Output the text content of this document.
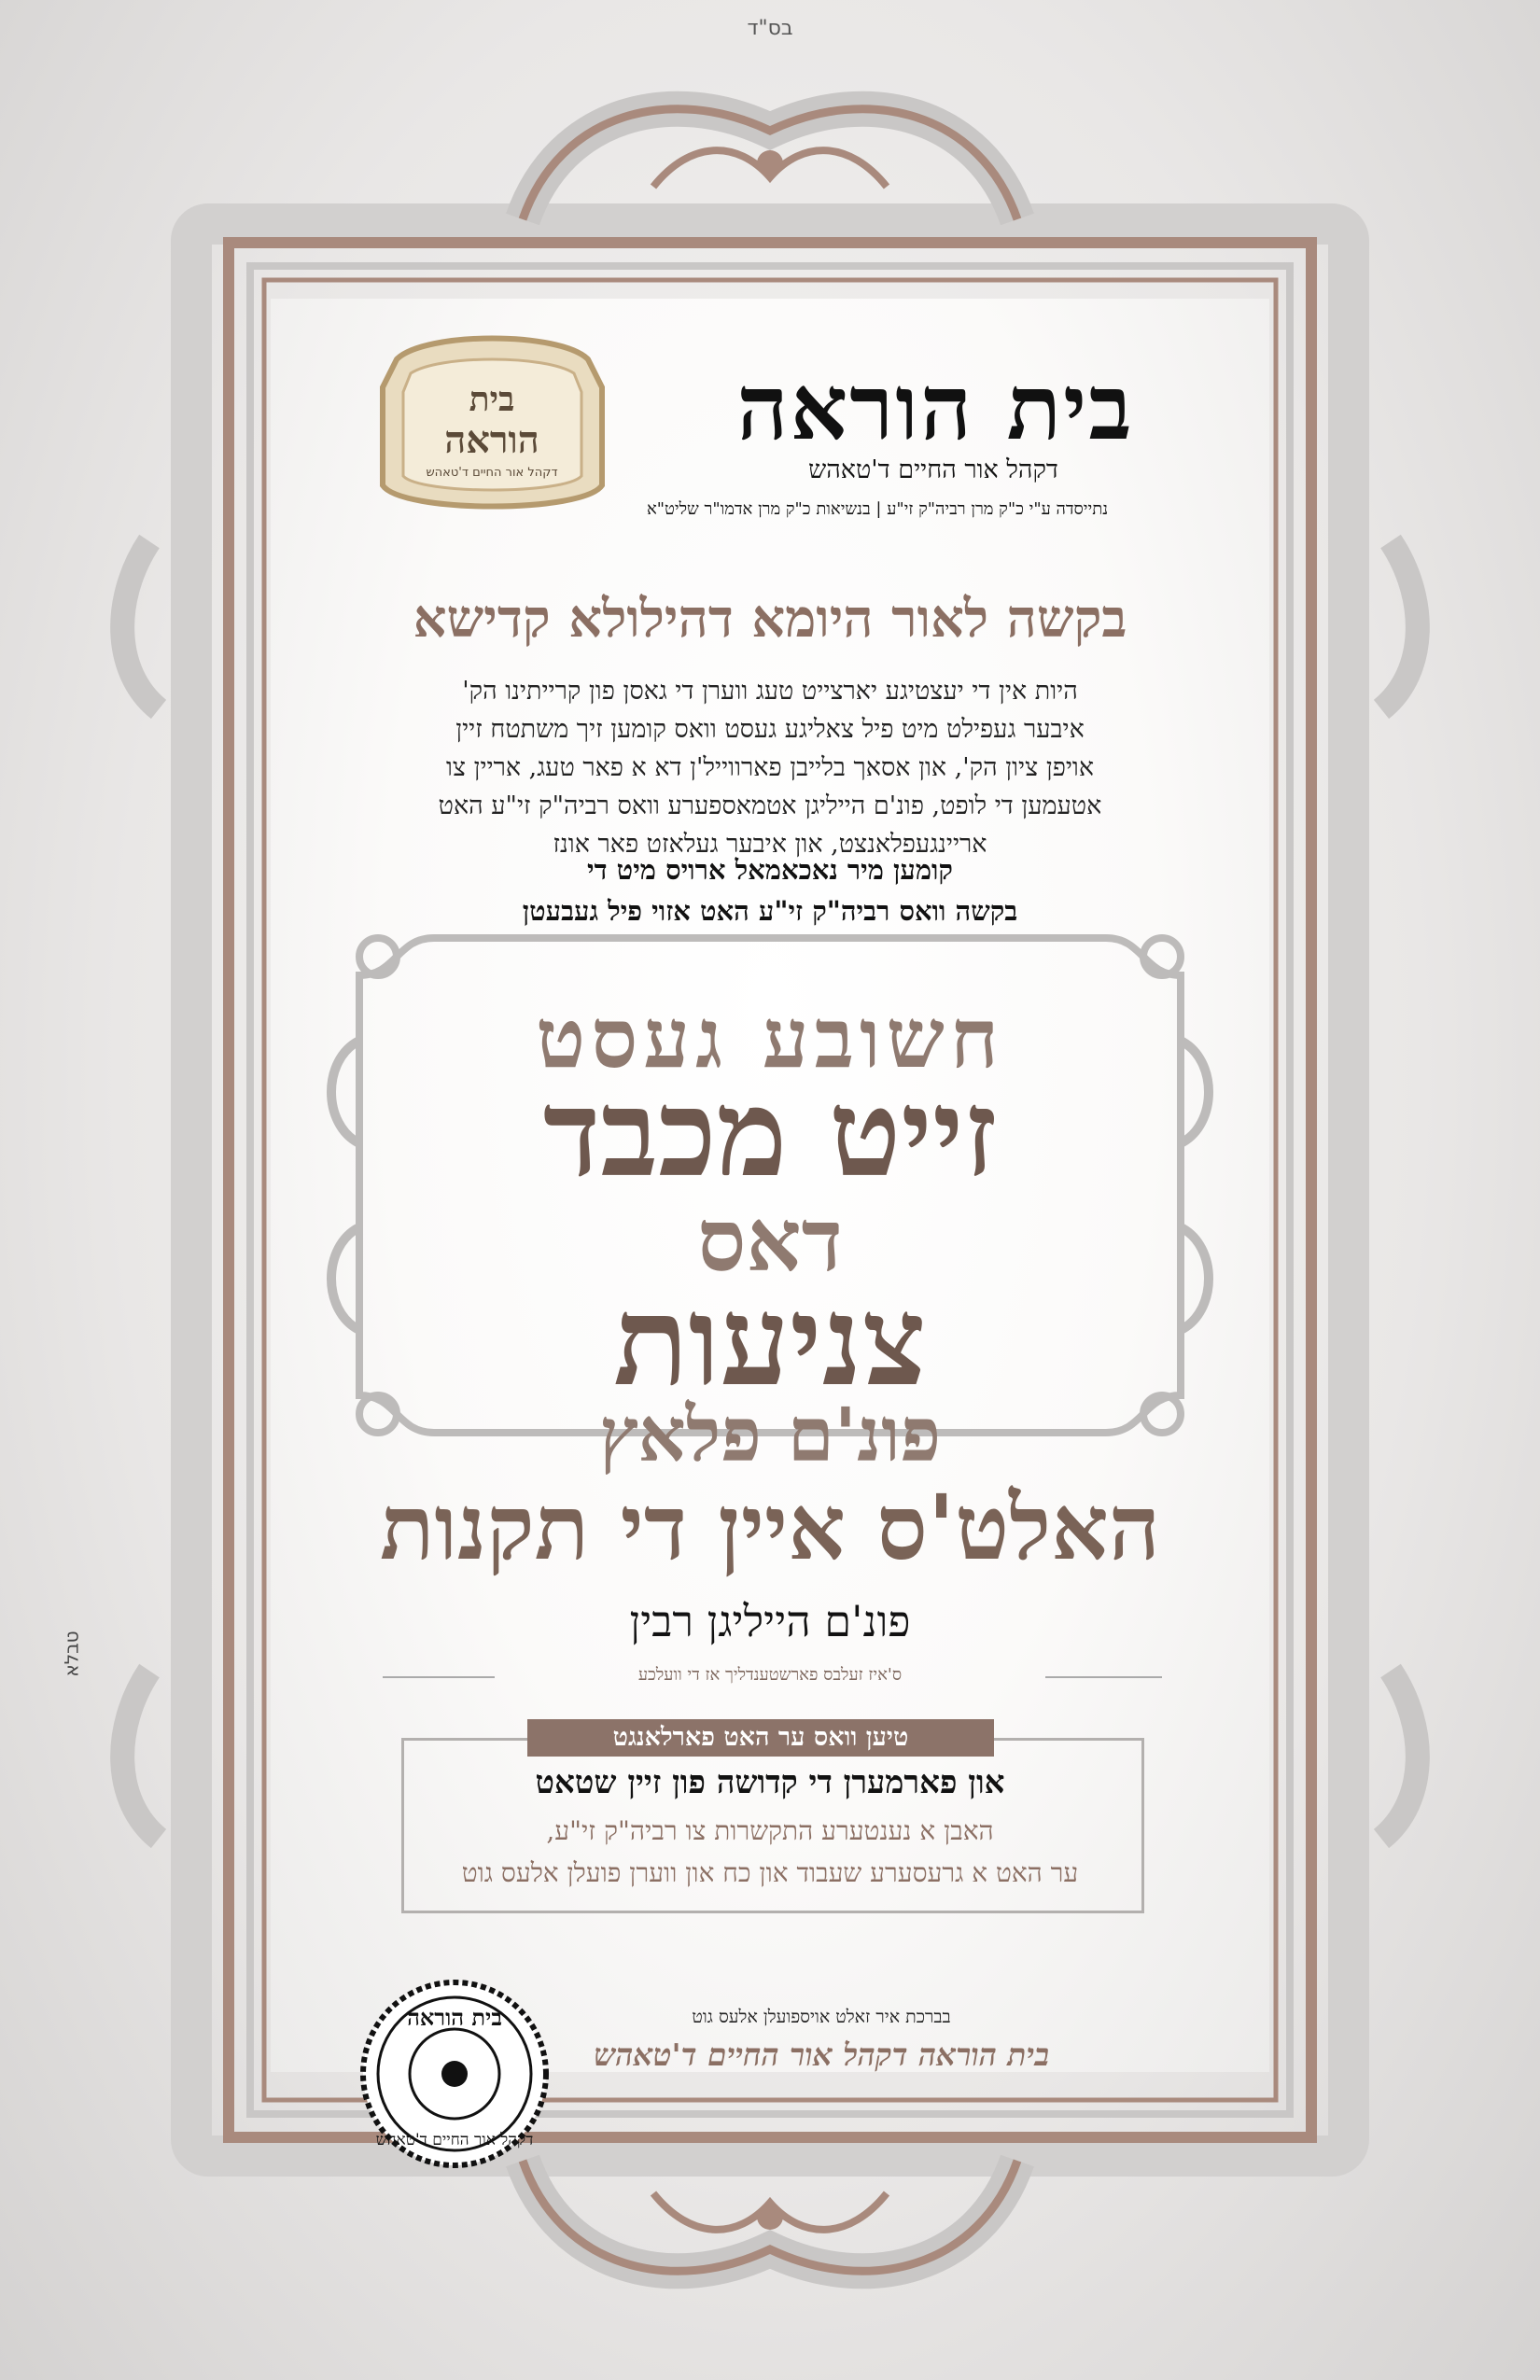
בס"ד
טבלא
בית
הוראה
דקהל אור החיים ד'טאהש
בית הוראה
דקהל אור החיים ד'טאהש
נתייסדה ע"י כ"ק מרן רביה"ק זי"ע | בנשיאות כ"ק מרן אדמו"ר שליט"א
בקשה לאור היומא דהילולא קדישא
היות אין די יעצטיגע יארצייט טעג ווערן די גאסן פון קרייתינו הק'
איבער געפילט מיט פיל צאליגע געסט וואס קומען זיך משתטח זיין
אויפן ציון הק', און אסאך בלייבן פארווייל'ן דא א פאר טעג, אריין צו
אטעמען די לופט, פונ'ם הייליגן אטמאספערע וואס רביה"ק זי"ע האט
אריינגעפלאנצט, און איבער געלאזט פאר אונז
קומען מיר נאכאמאל ארויס מיט די
בקשה וואס רביה"ק זי"ע האט אזוי פיל געבעטן
חשובע געסט
זייט מכבד
דאס
צניעות
פונ'ם פלאץ
האלט'ס איין די תקנות
פונ'ם הייליגן רבין
ס'איז זעלבס פארשטענדליך אז די וועלכע
טיען וואס ער האט פארלאנגט
און פארמערן די קדושה פון זיין שטאט
האבן א נענטערע התקשרות צו רביה"ק זי"ע,
ער האט א גרעסערע שעבוד און כח און ווערן פועלן אלעס גוט
בית הוראה
דקהל אור החיים ד'טאהש
בברכת איר זאלט אויספועלן אלעס גוט
בית הוראה דקהל אור החיים ד'טאהש
